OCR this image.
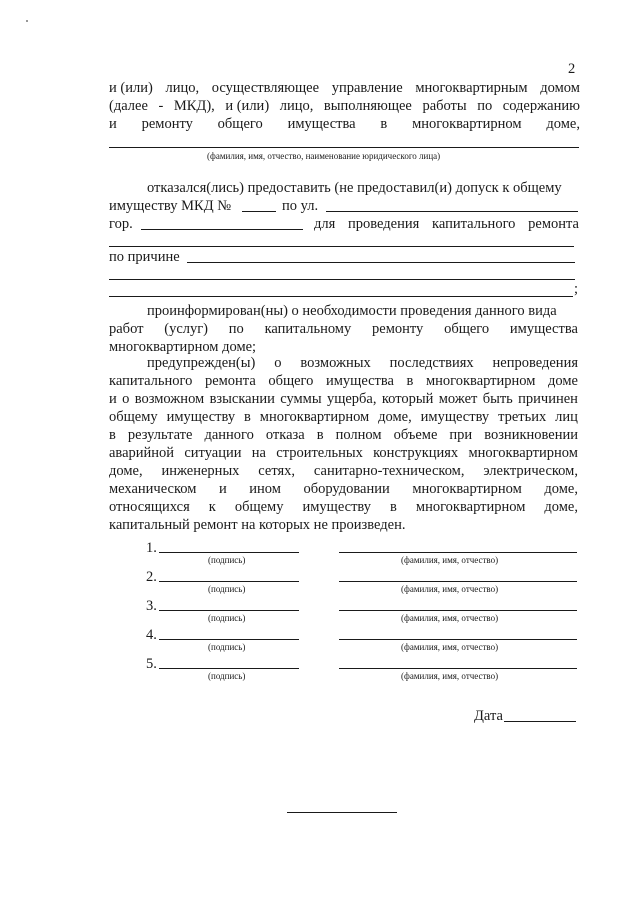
2
и (или) лицо, осуществляющее управление многоквартирным домом
(далее - МКД), и (или) лицо, выполняющее работы по содержанию
и ремонту общего имущества в многоквартирном доме,
(фамилия, имя, отчество, наименование юридического лица)
отказался(лись) предоставить (не предоставил(и) допуск к общему
имуществу МКД №	по ул.
гор.	для проведения капитального ремонта
по причине
;
проинформирован(ны) о необходимости проведения данного вида
работ (услуг) по капитальному ремонту общего имущества
многоквартирном доме;
предупрежден(ы) о возможных последствиях непроведения
капитального ремонта общего имущества в многоквартирном доме
и о возможном взыскании суммы ущерба, который может быть причинен
общему имуществу в многоквартирном доме, имуществу третьих лиц
в результате данного отказа в полном объеме при возникновении
аварийной ситуации на строительных конструкциях многоквартирном
доме, инженерных сетях, санитарно-техническом, электрическом,
механическом и ином оборудовании многоквартирном доме,
относящихся к общему имуществу в многоквартирном доме,
капитальный ремонт на которых не произведен.
1.
(подпись)	(фамилия, имя, отчество)
2.
(подпись)	(фамилия, имя, отчество)
3.
(подпись)	(фамилия, имя, отчество)
4.
(подпись)	(фамилия, имя, отчество)
5.
(подпись)	(фамилия, имя, отчество)
Дата
